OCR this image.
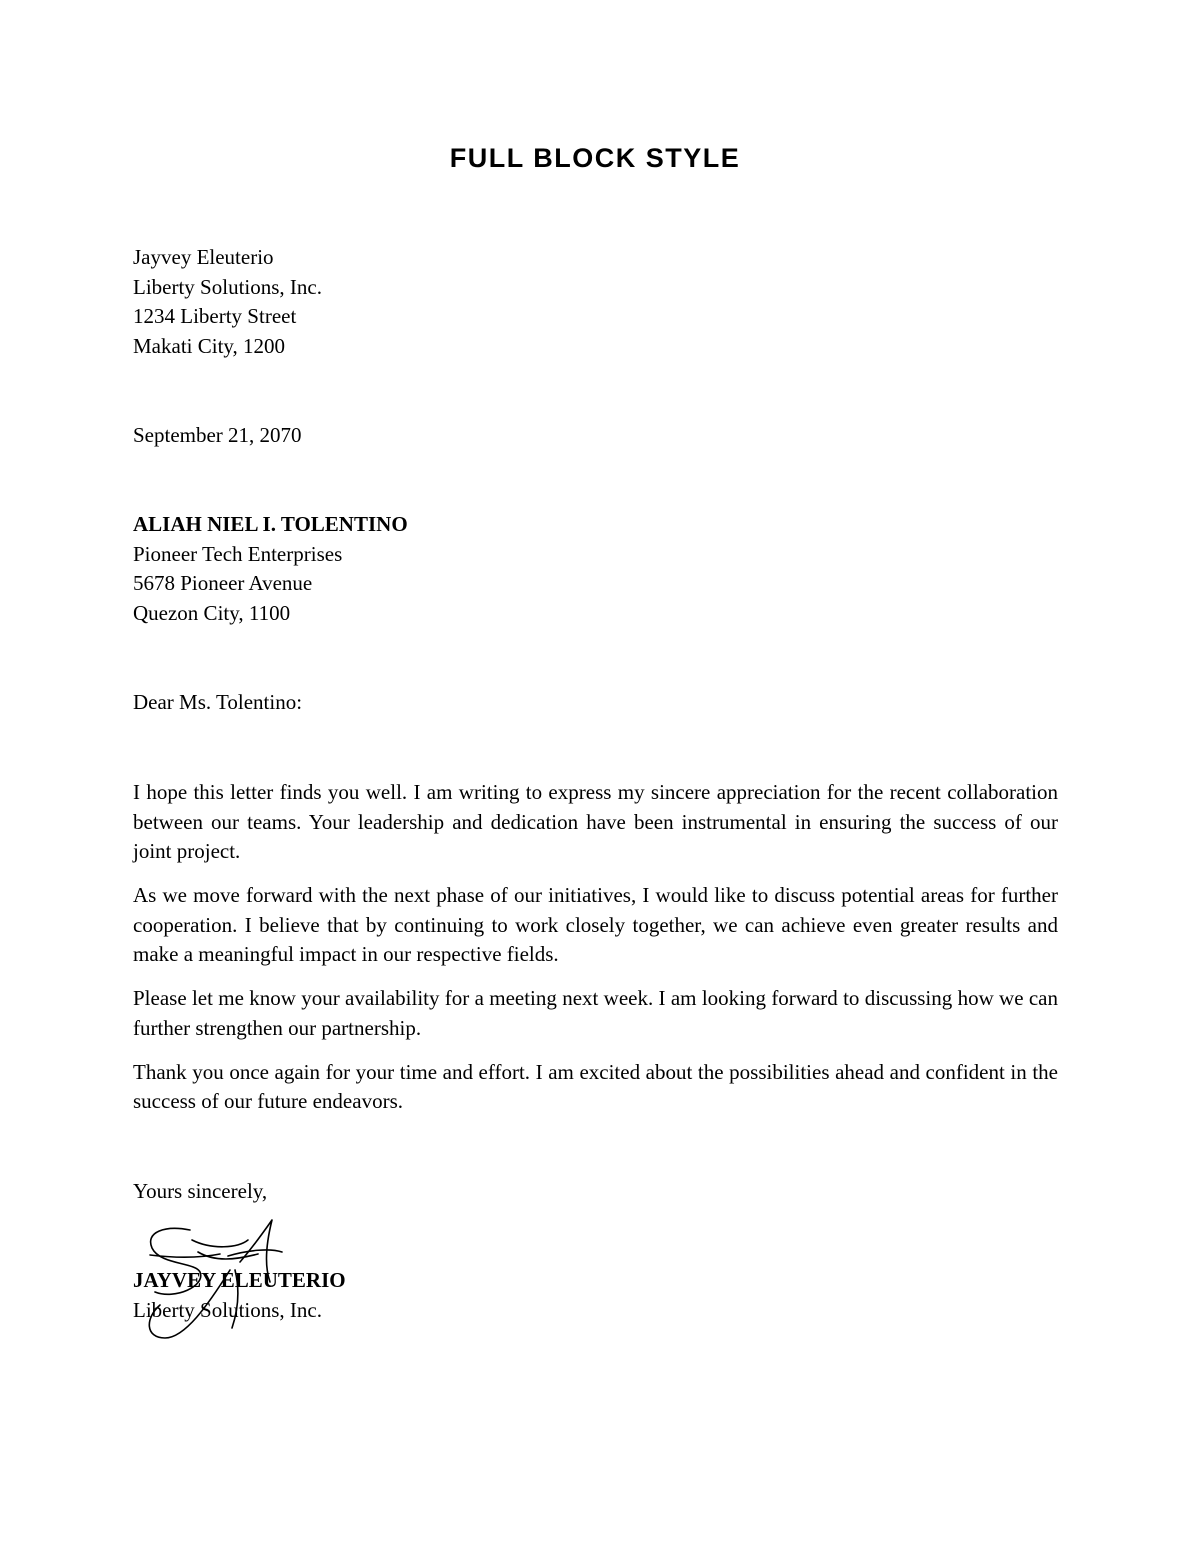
FULL BLOCK STYLE
Jayvey Eleuterio
Liberty Solutions, Inc.
1234 Liberty Street
Makati City, 1200
September 21, 2070
ALIAH NIEL I. TOLENTINO
Pioneer Tech Enterprises
5678 Pioneer Avenue
Quezon City, 1100
Dear Ms. Tolentino:

I hope this letter finds you well. I am writing to express my sincere appreciation for the recent collaboration between our teams. Your leadership and dedication have been instrumental in ensuring the success of our joint project.

As we move forward with the next phase of our initiatives, I would like to discuss potential areas for further cooperation. I believe that by continuing to work closely together, we can achieve even greater results and make a meaningful impact in our respective fields.

Please let me know your availability for a meeting next week. I am looking forward to discussing how we can further strengthen our partnership.

Thank you once again for your time and effort. I am excited about the possibilities ahead and confident in the success of our future endeavors.

Yours sincerely,
JAYVEY ELEUTERIO
Liberty Solutions, Inc.
